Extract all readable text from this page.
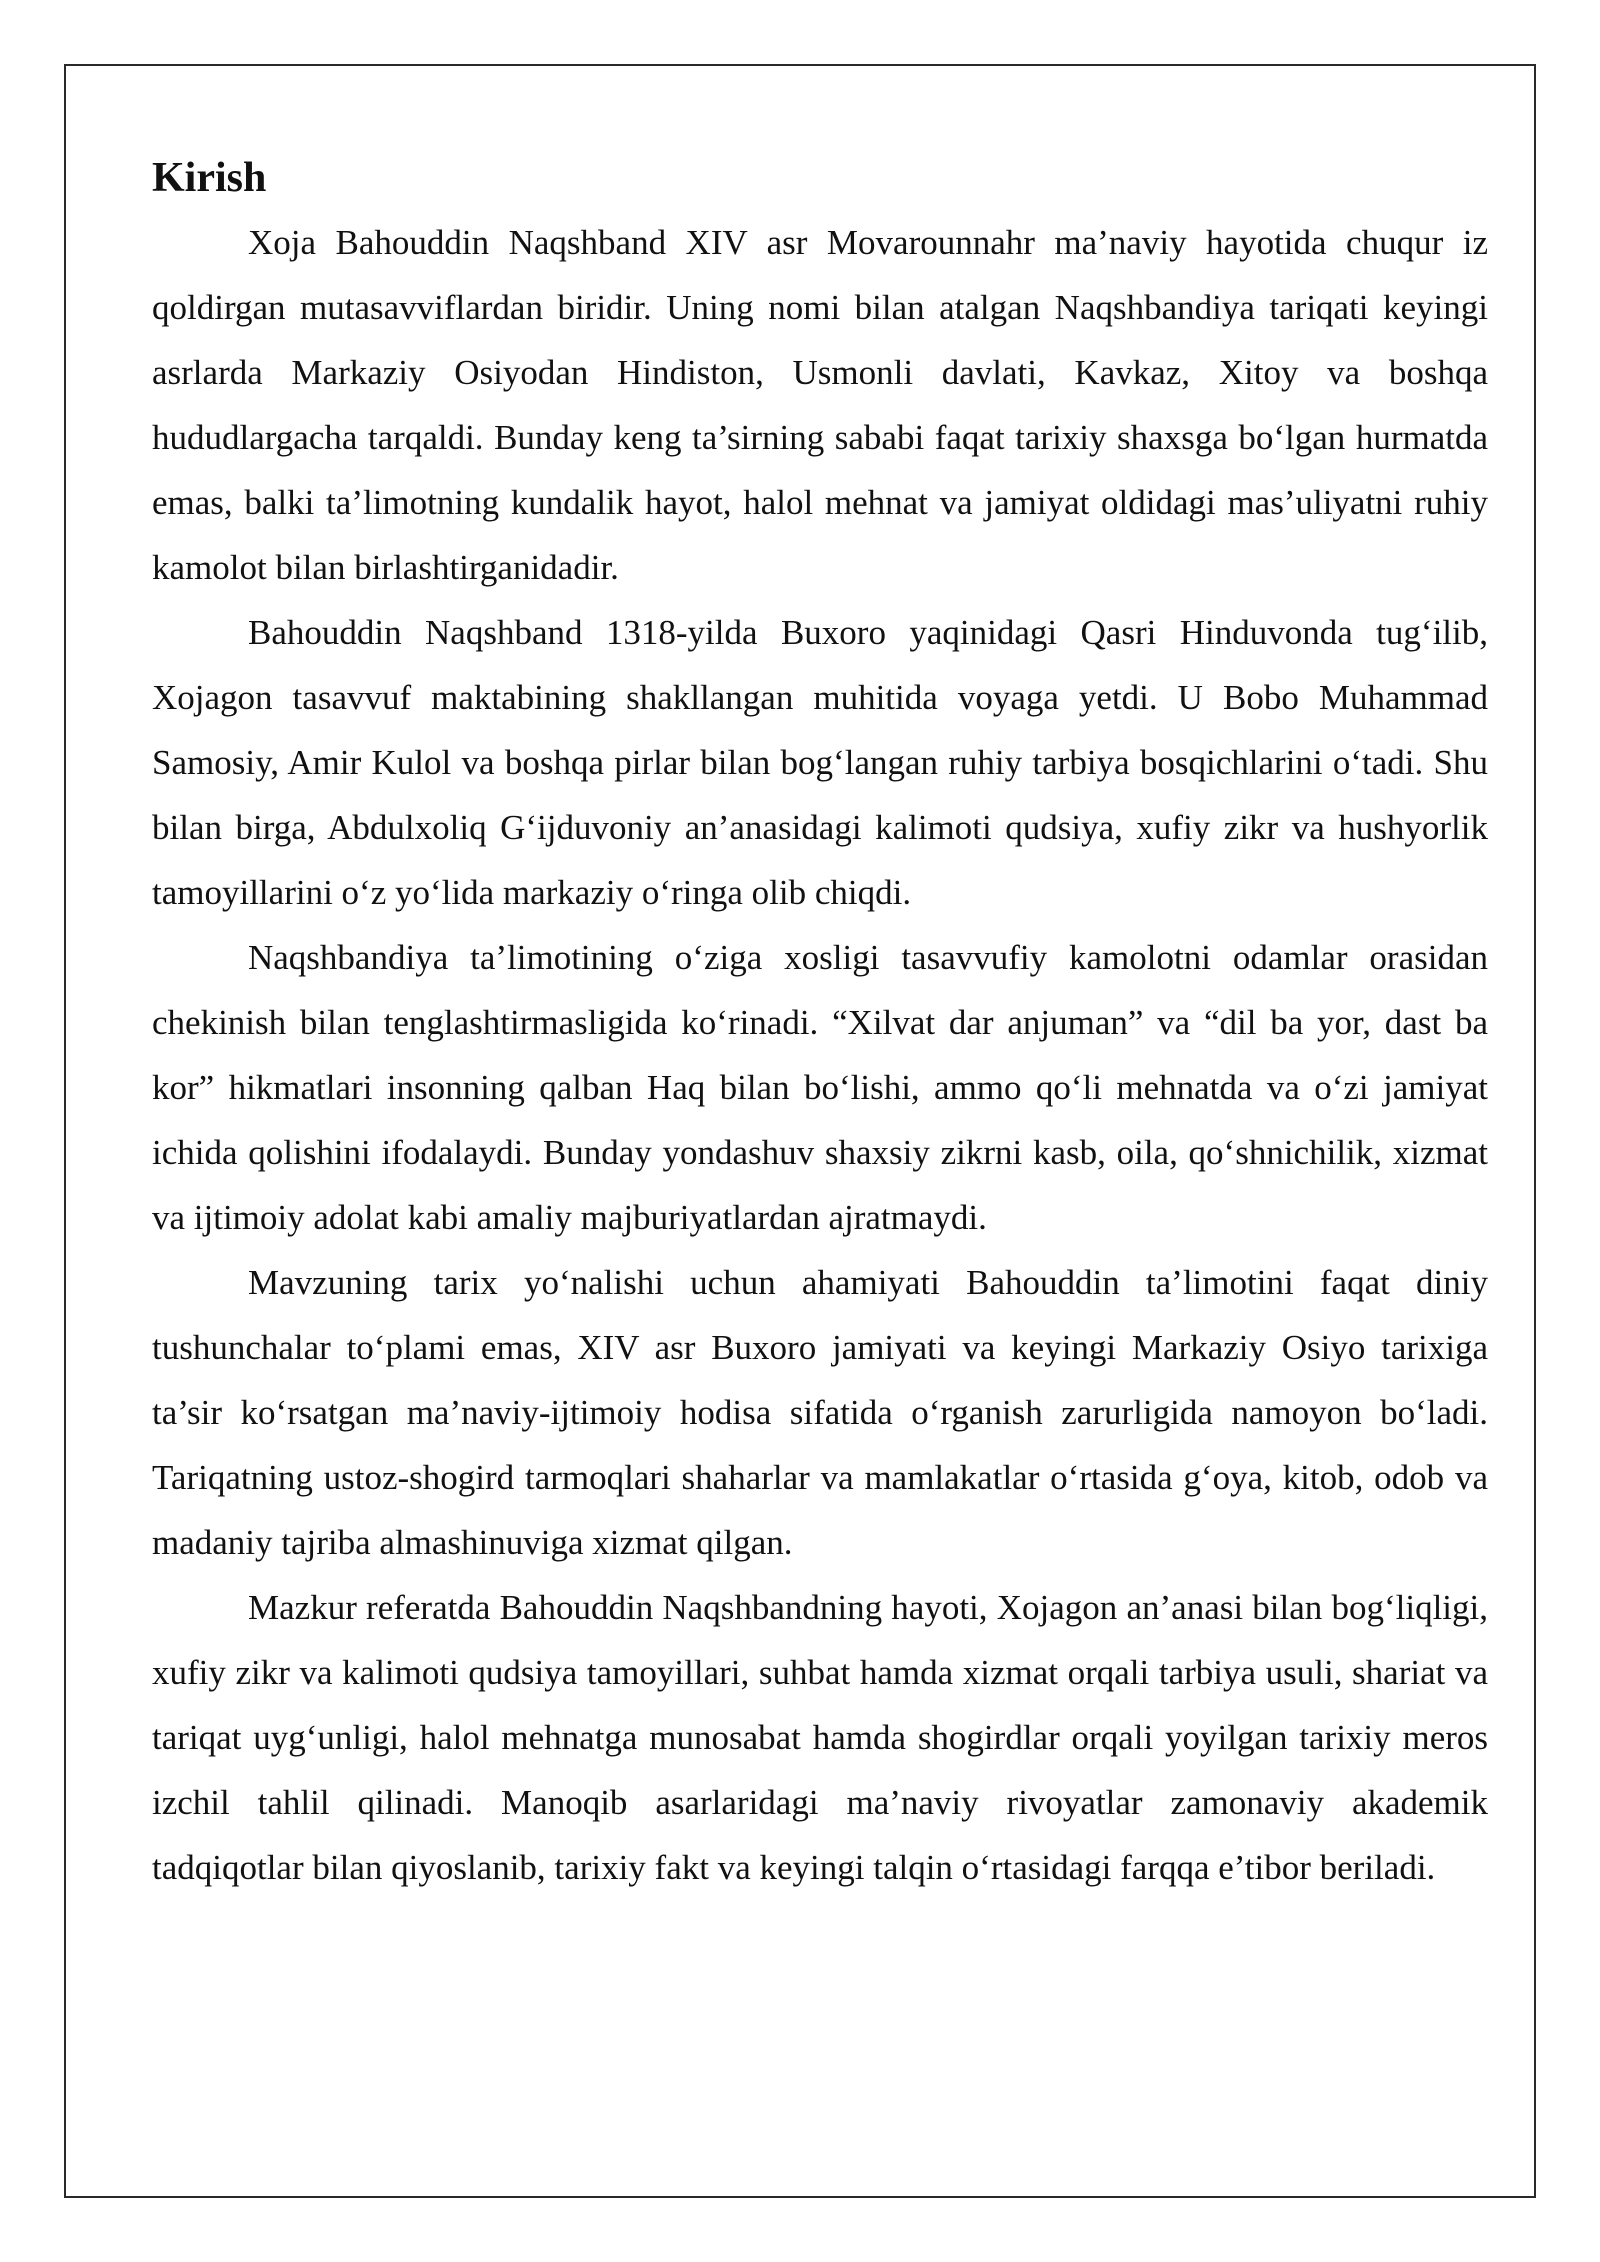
Kirish

Xoja Bahouddin Naqshband XIV asr Movarounnahr ma’naviy hayotida chuqur iz qoldirgan mutasavviflardan biridir. Uning nomi bilan atalgan Naqshbandiya tariqati keyingi asrlarda Markaziy Osiyodan Hindiston, Usmonli davlati, Kavkaz, Xitoy va boshqa hududlargacha tarqaldi. Bunday keng ta’sirning sababi faqat tarixiy shaxsga bo‘lgan hurmatda emas, balki ta’limotning kundalik hayot, halol mehnat va jamiyat oldidagi mas’uliyatni ruhiy kamolot bilan birlashtirganidadir.

Bahouddin Naqshband 1318-yilda Buxoro yaqinidagi Qasri Hinduvonda tug‘ilib, Xojagon tasavvuf maktabining shakllangan muhitida voyaga yetdi. U Bobo Muhammad Samosiy, Amir Kulol va boshqa pirlar bilan bog‘langan ruhiy tarbiya bosqichlarini o‘tadi. Shu bilan birga, Abdulxoliq G‘ijduvoniy an’anasidagi kalimoti qudsiya, xufiy zikr va hushyorlik tamoyillarini o‘z yo‘lida markaziy o‘ringa olib chiqdi.

Naqshbandiya ta’limotining o‘ziga xosligi tasavvufiy kamolotni odamlar orasidan chekinish bilan tenglashtirmasligida ko‘rinadi. “Xilvat dar anjuman” va “dil ba yor, dast ba kor” hikmatlari insonning qalban Haq bilan bo‘lishi, ammo qo‘li mehnatda va o‘zi jamiyat ichida qolishini ifodalaydi. Bunday yondashuv shaxsiy zikrni kasb, oila, qo‘shnichilik, xizmat va ijtimoiy adolat kabi amaliy majburiyatlardan ajratmaydi.

Mavzuning tarix yo‘nalishi uchun ahamiyati Bahouddin ta’limotini faqat diniy tushunchalar to‘plami emas, XIV asr Buxoro jamiyati va keyingi Markaziy Osiyo tarixiga ta’sir ko‘rsatgan ma’naviy-ijtimoiy hodisa sifatida o‘rganish zarurligida namoyon bo‘ladi. Tariqatning ustoz-shogird tarmoqlari shaharlar va mamlakatlar o‘rtasida g‘oya, kitob, odob va madaniy tajriba almashinuviga xizmat qilgan.

Mazkur referatda Bahouddin Naqshbandning hayoti, Xojagon an’anasi bilan bog‘liqligi, xufiy zikr va kalimoti qudsiya tamoyillari, suhbat hamda xizmat orqali tarbiya usuli, shariat va tariqat uyg‘unligi, halol mehnatga munosabat hamda shogirdlar orqali yoyilgan tarixiy meros izchil tahlil qilinadi. Manoqib asarlaridagi ma’naviy rivoyatlar zamonaviy akademik tadqiqotlar bilan qiyoslanib, tarixiy fakt va keyingi talqin o‘rtasidagi farqqa e’tibor beriladi.
